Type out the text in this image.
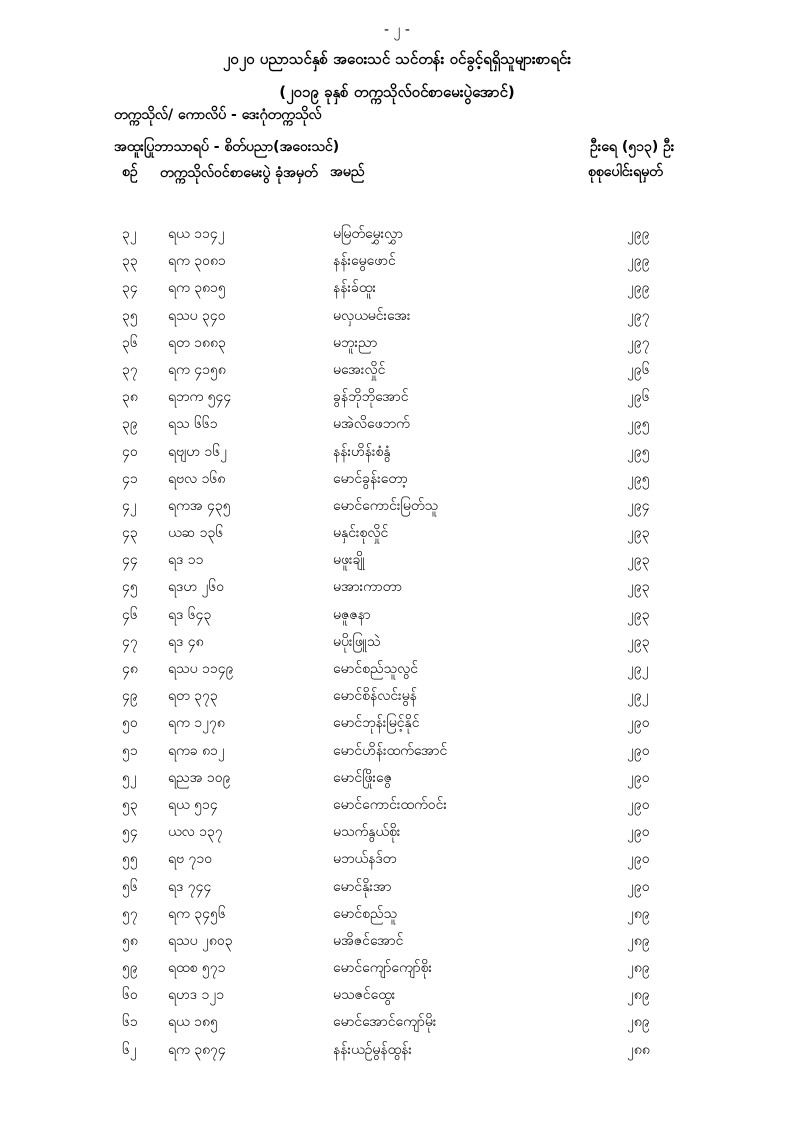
- ၂ -
၂၀၂၀ ပညာသင်နှစ် အဝေးသင် သင်တန်း ဝင်ခွင့်ရရှိသူများစာရင်း
(၂၀၁၉ ခုနှစ် တက္ကသိုလ်ဝင်စာမေးပွဲအောင်)
တက္ကသိုလ်/ ကောလိပ် - ဒေးဂုံတက္ကသိုလ်
အထူးပြုဘာသာရပ် - စိတ်ပညာ(အဝေးသင်)	ဦးရေ (၅၁၃) ဦး
စဉ် တက္ကသိုလ်ဝင်စာမေးပွဲ ခုံအမှတ် အမည်	စုစုပေါင်းရမှတ်
၃၂ ရယ ၁၁၄၂	မမြတ်မွှေးလွှာ	၂၉၉
၃၃ ရက ၃၀၈၁	နန်းမွေဖောင်	၂၉၉
၃၄ ရက ၃၈၁၅	နန်းခ်ထူး	၂၉၉
၃၅ ရသပ ၃၄၀	မလှယမင်းအေး	၂၉၇
၃၆ ရတ ၁၈၈၃	မဘူးညာ	၂၉၇
၃၇ ရက ၄၁၅၈	မအေးလှိုင်	၂၉၆
၃၈ ရဘက ၅၄၄	ခွန်ဘိုဘိုအောင်	၂၉၆
၃၉ ရသ ၆၆၁	မအဲလိဖေဘက်	၂၉၅
၄၀ ရဗျဟ ၁၆၂	နန်းဟိန်းစံနွံ	၂၉၅
၄၁ ရဗလ ၁၆၈	မောင်ခွန်းတော့	၂၉၅
၄၂ ရကအ ၄၃၅	မောင်ကောင်းမြတ်သူ	၂၉၄
၄၃ ယဆ ၁၃၆	မနှင်းစုလှိုင်	၂၉၃
၄၄ ရဒ ၁၁	မဖူးချို	၂၉၃
၄၅ ရဒဟ ၂၆၀	မအားကာတာ	၂၉၃
၄၆ ရဒ ၆၄၃	မဇူဇနာ	၂၉၃
၄၇ ရဒ ၄၈	မပိုးဖြူသဲ	၂၉၃
၄၈ ရသပ ၁၁၄၉	မောင်စည်သူလွင်	၂၉၂
၄၉ ရတ ၃၇၃	မောင်စိန်လင်းမွန်	၂၉၂
၅၀ ရက ၁၂၇၈	မောင်ဘုန်းမြင့်နိုင်	၂၉၀
၅၁ ရကခ ၈၁၂	မောင်ဟိန်းထက်အောင်	၂၉၀
၅၂ ရညအ ၁၀၉	မောင်ဖြိုးဇွေ	၂၉၀
၅၃ ရယ ၅၁၄	မောင်ကောင်းထက်ဝင်း	၂၉၀
၅၄ ယလ ၁၃၇	မသက်နွယ်စိုး	၂၉၀
၅၅ ရဗ ၇၁၀	မဘယ်နဒ်တ	၂၉၀
၅၆ ရဒ ၇၄၄	မောင်နိုးအာ	၂၉၀
၅၇ ရက ၃၄၅၆	မောင်စည်သူ	၂၈၉
၅၈ ရသပ ၂၈၀၃	မအိဇင်အောင်	၂၈၉
၅၉ ရထစ ၅၇၁	မောင်ကျော်ကျော်စိုး	၂၈၉
၆၀ ရဟဒ ၁၂၁	မသဇင်ထွေး	၂၈၉
၆၁ ရယ ၁၈၅	မောင်အောင်ကျော်မိုး	၂၈၉
၆၂ ရက ၃၈၇၄	နန်းယဉ်မွန်ထွန်း	၂၈၈
